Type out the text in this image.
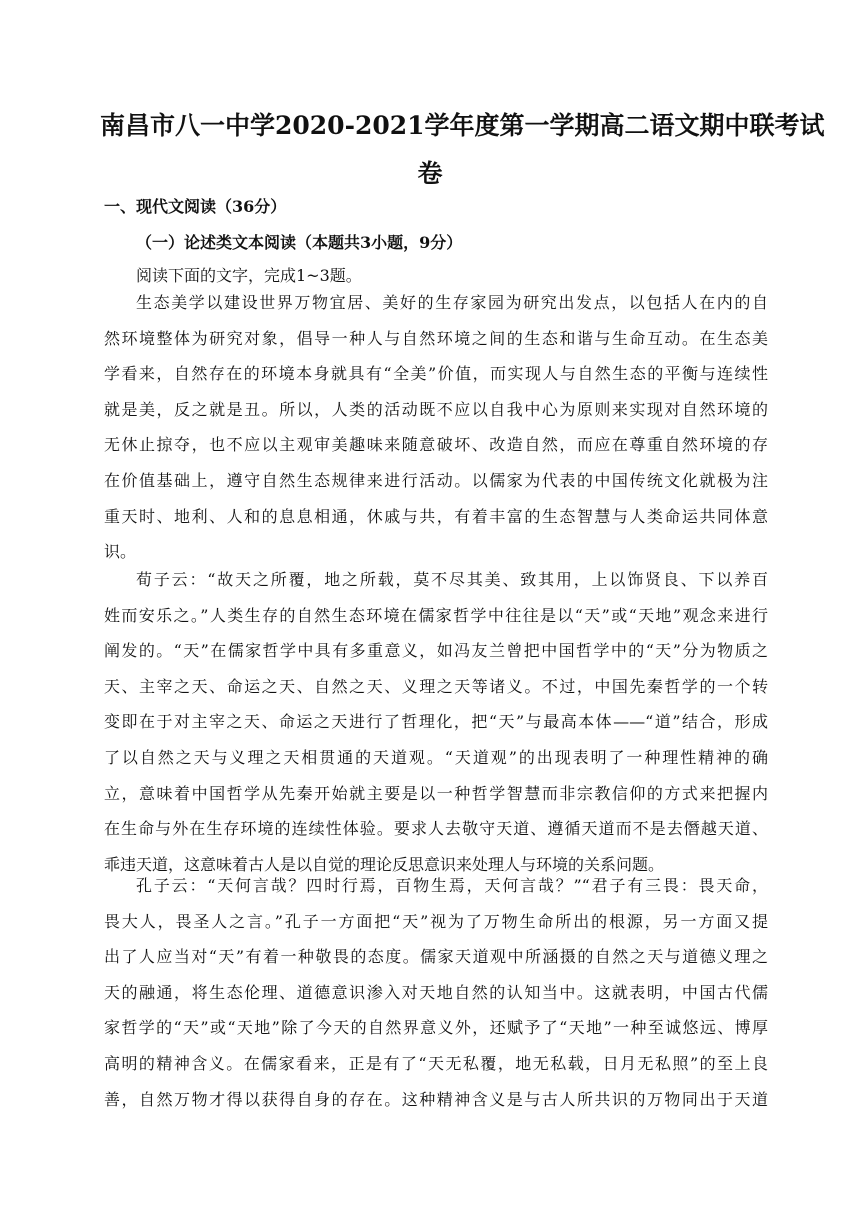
南昌市八一中学2020-2021学年度第一学期高二语文期中联考试
卷
一、现代文阅读（36分）
（一）论述类文本阅读（本题共3小题，9分）
阅读下面的文字，完成1~3题。
生态美学以建设世界万物宜居、美好的生存家园为研究出发点，以包括人在内的自
然环境整体为研究对象，倡导一种人与自然环境之间的生态和谐与生命互动。在生态美
学看来，自然存在的环境本身就具有“全美”价值，而实现人与自然生态的平衡与连续性
就是美，反之就是丑。所以，人类的活动既不应以自我中心为原则来实现对自然环境的
无休止掠夺，也不应以主观审美趣味来随意破坏、改造自然，而应在尊重自然环境的存
在价值基础上，遵守自然生态规律来进行活动。以儒家为代表的中国传统文化就极为注
重天时、地利、人和的息息相通，休戚与共，有着丰富的生态智慧与人类命运共同体意
识。
荀子云：“故天之所覆，地之所载，莫不尽其美、致其用，上以饰贤良、下以养百
姓而安乐之。”人类生存的自然生态环境在儒家哲学中往往是以“天”或“天地”观念来进行
阐发的。“天”在儒家哲学中具有多重意义，如冯友兰曾把中国哲学中的“天”分为物质之
天、主宰之天、命运之天、自然之天、义理之天等诸义。不过，中国先秦哲学的一个转
变即在于对主宰之天、命运之天进行了哲理化，把“天”与最高本体——“道”结合，形成
了以自然之天与义理之天相贯通的天道观。“天道观”的出现表明了一种理性精神的确
立，意味着中国哲学从先秦开始就主要是以一种哲学智慧而非宗教信仰的方式来把握内
在生命与外在生存环境的连续性体验。要求人去敬守天道、遵循天道而不是去僭越天道、
乖违天道，这意味着古人是以自觉的理论反思意识来处理人与环境的关系问题。
孔子云：“天何言哉？四时行焉，百物生焉，天何言哉？”“君子有三畏：畏天命，
畏大人，畏圣人之言。”孔子一方面把“天”视为了万物生命所出的根源，另一方面又提
出了人应当对“天”有着一种敬畏的态度。儒家天道观中所涵摄的自然之天与道德义理之
天的融通，将生态伦理、道德意识渗入对天地自然的认知当中。这就表明，中国古代儒
家哲学的“天”或“天地”除了今天的自然界意义外，还赋予了“天地”一种至诚悠远、博厚
高明的精神含义。在儒家看来，正是有了“天无私覆，地无私载，日月无私照”的至上良
善，自然万物才得以获得自身的存在。这种精神含义是与古人所共识的万物同出于天道
